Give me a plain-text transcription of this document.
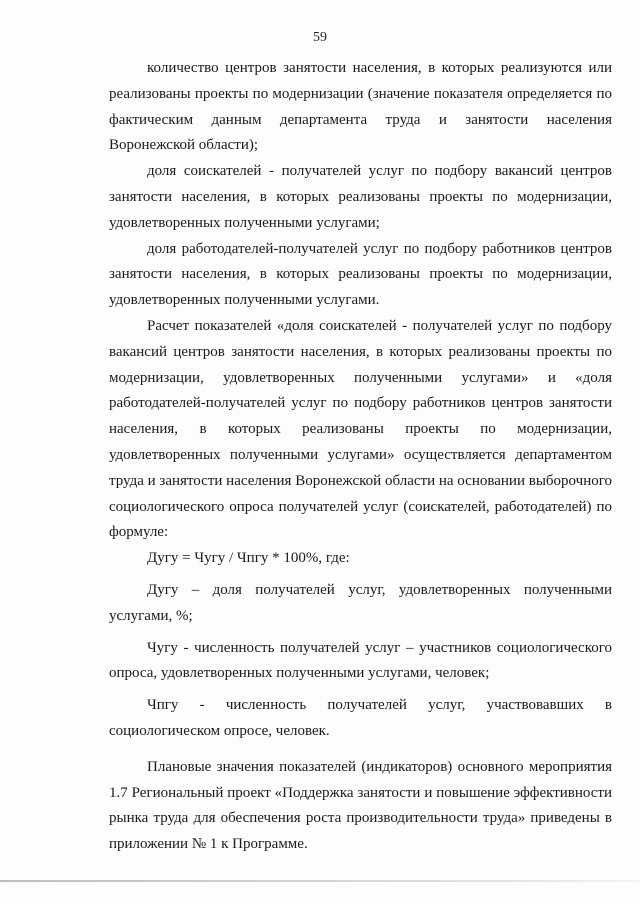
59

количество центров занятости населения, в которых реализуются или реализованы проекты по модернизации (значение показателя определяется по фактическим данным департамента труда и занятости населения Воронежской области);

доля соискателей - получателей услуг по подбору вакансий центров занятости населения, в которых реализованы проекты по модернизации, удовлетворенных полученными услугами;

доля работодателей-получателей услуг по подбору работников центров занятости населения, в которых реализованы проекты по модернизации, удовлетворенных полученными услугами.

Расчет показателей «доля соискателей - получателей услуг по подбору вакансий центров занятости населения, в которых реализованы проекты по модернизации, удовлетворенных полученными услугами» и «доля работодателей-получателей услуг по подбору работников центров занятости населения, в которых реализованы проекты по модернизации, удовлетворенных полученными услугами» осуществляется департаментом труда и занятости населения Воронежской области на основании выборочного социологического опроса получателей услуг (соискателей, работодателей) по формуле:

Дугу = Чугу / Чпгу * 100%, где:

Дугу – доля получателей услуг, удовлетворенных полученными услугами, %;

Чугу - численность получателей услуг – участников социологического опроса, удовлетворенных полученными услугами, человек;

Чпгу - численность получателей услуг, участвовавших в социологическом опросе, человек.

Плановые значения показателей (индикаторов) основного мероприятия 1.7 Региональный проект «Поддержка занятости и повышение эффективности рынка труда для обеспечения роста производительности труда» приведены в приложении № 1 к Программе.
